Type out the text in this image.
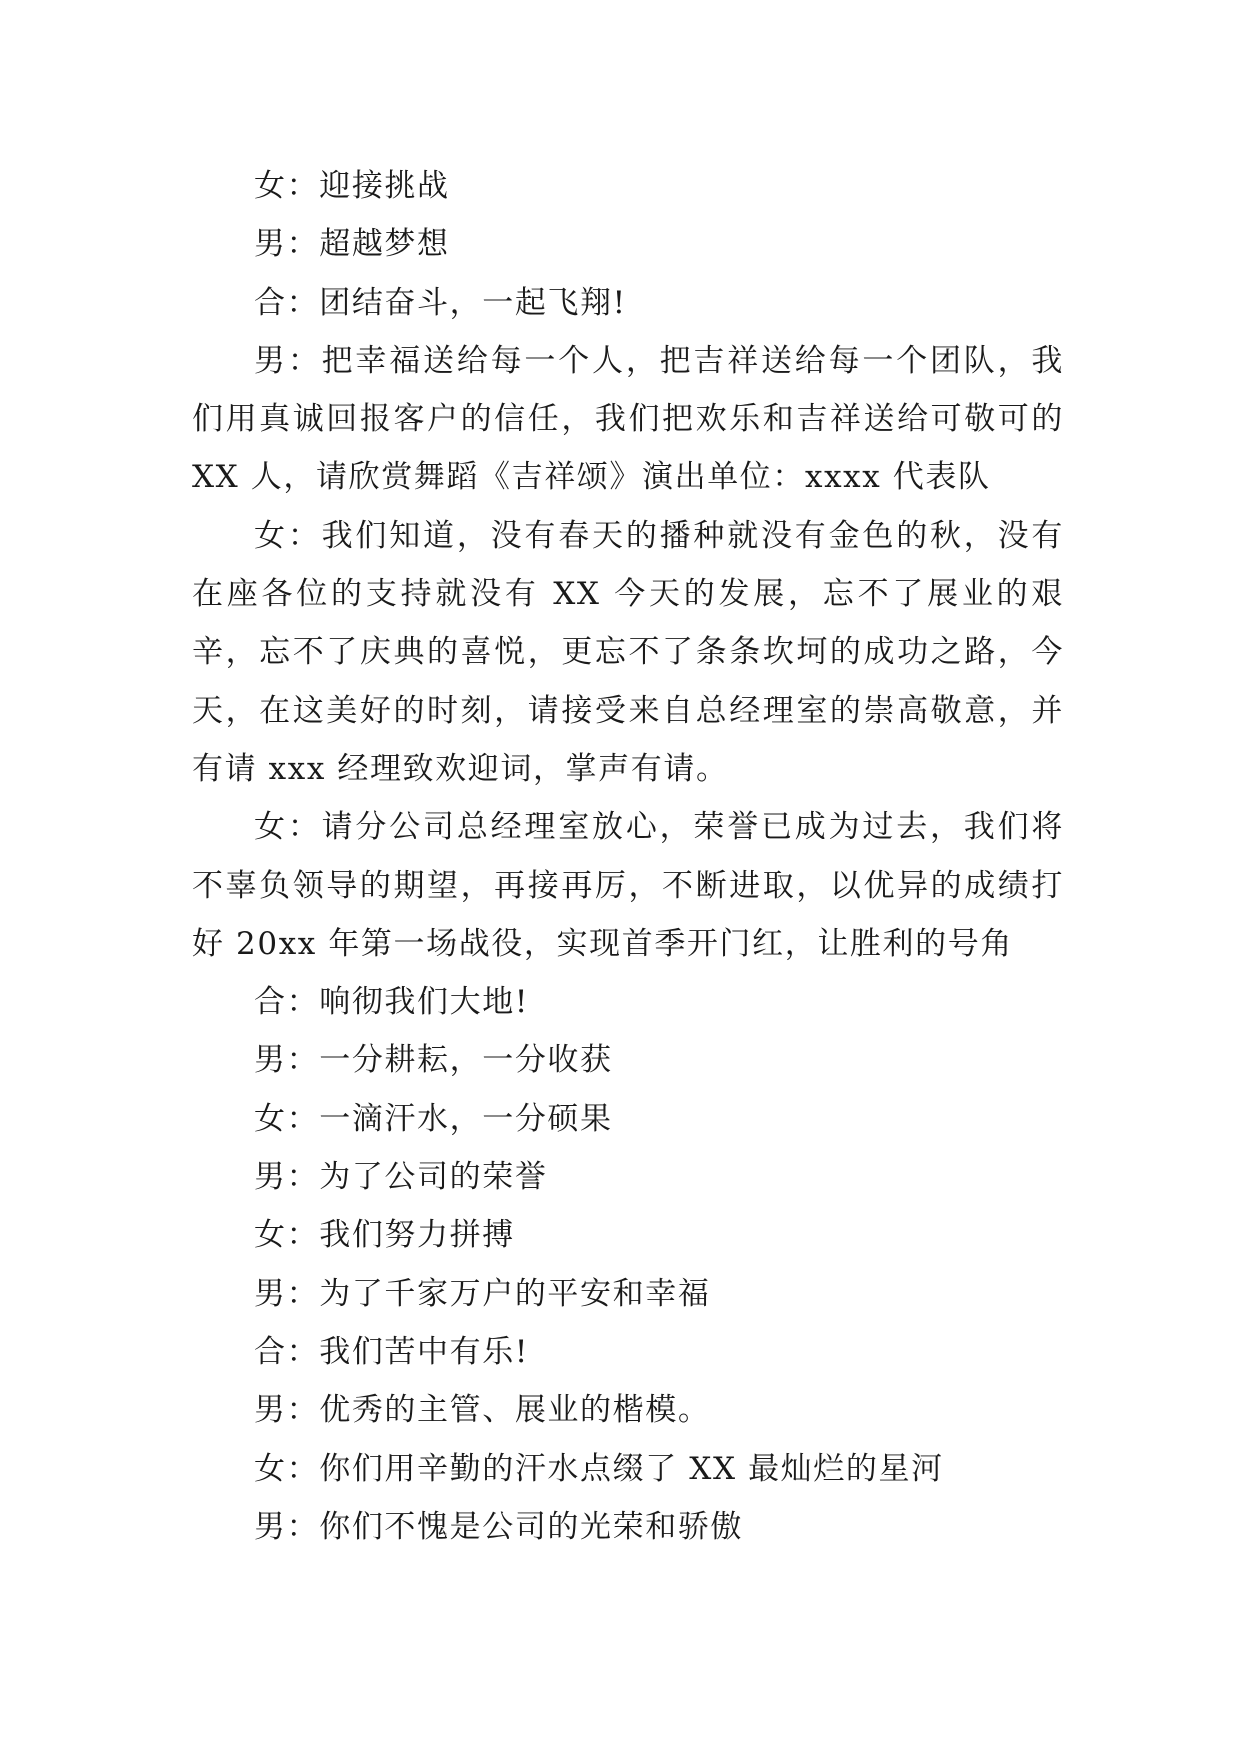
女：迎接挑战

男：超越梦想

合：团结奋斗，一起飞翔!

男：把幸福送给每一个人，把吉祥送给每一个团队，我们用真诚回报客户的信任，我们把欢乐和吉祥送给可敬可的 XX 人，请欣赏舞蹈《吉祥颂》演出单位：xxxx 代表队

女：我们知道，没有春天的播种就没有金色的秋，没有在座各位的支持就没有 XX 今天的发展，忘不了展业的艰辛，忘不了庆典的喜悦，更忘不了条条坎坷的成功之路，今天，在这美好的时刻，请接受来自总经理室的崇高敬意，并有请 xxx 经理致欢迎词，掌声有请。

女：请分公司总经理室放心，荣誉已成为过去，我们将不辜负领导的期望，再接再厉，不断进取，以优异的成绩打好 20xx 年第一场战役，实现首季开门红，让胜利的号角

合：响彻我们大地!

男：一分耕耘，一分收获

女：一滴汗水，一分硕果

男：为了公司的荣誉

女：我们努力拼搏

男：为了千家万户的平安和幸福

合：我们苦中有乐!

男：优秀的主管、展业的楷模。

女：你们用辛勤的汗水点缀了 XX 最灿烂的星河

男：你们不愧是公司的光荣和骄傲
